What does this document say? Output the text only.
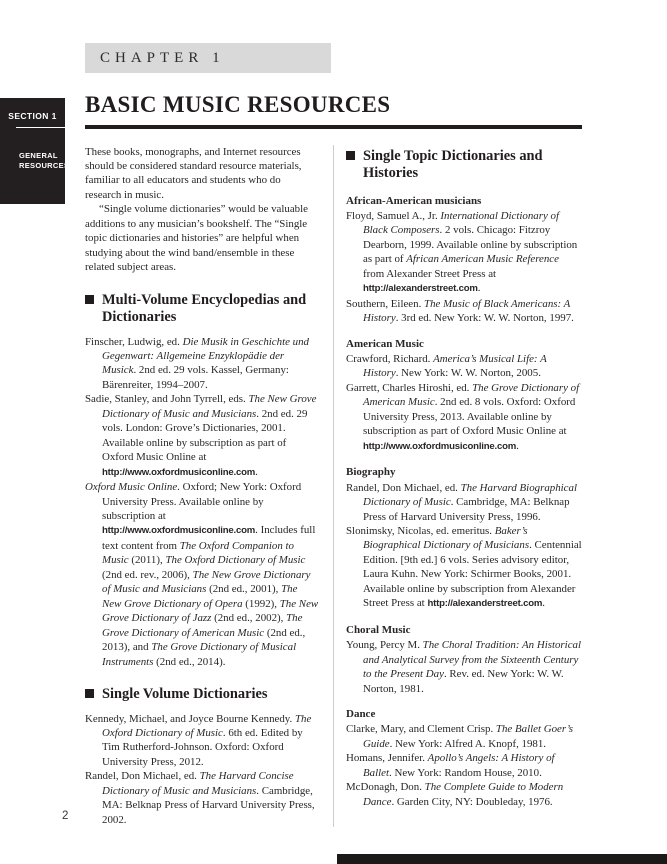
CHAPTER 1
SECTION 1
GENERAL
RESOURCES
BASIC MUSIC RESOURCES

These books, monographs, and Internet resources should be considered standard resource materials, familiar to all educators and students who do research in music.

“Single volume dictionaries” would be valuable additions to any musician’s bookshelf. The “Single topic dictionaries and histories” are helpful when studying about the wind band/ensemble in these related subject areas.

Multi-Volume Encyclopedias and Dictionaries

Finscher, Ludwig, ed. Die Musik in Geschichte und Gegenwart: Allgemeine Enzyklopädie der Musick. 2nd ed. 29 vols. Kassel, Germany: Bärenreiter, 1994–2007.

Sadie, Stanley, and John Tyrrell, eds. The New Grove Dictionary of Music and Musicians. 2nd ed. 29 vols. London: Grove’s Dictionaries, 2001. Available online by subscription as part of Oxford Music Online at http://www.oxfordmusiconline.com.

Oxford Music Online. Oxford; New York: Oxford University Press. Available online by subscription at http://www.oxfordmusiconline.com. Includes full text content from The Oxford Companion to Music (2011), The Oxford Dictionary of Music (2nd ed. rev., 2006), The New Grove Dictionary of Music and Musicians (2nd ed., 2001), The New Grove Dictionary of Opera (1992), The New Grove Dictionary of Jazz (2nd ed., 2002), The Grove Dictionary of American Music (2nd ed., 2013), and The Grove Dictionary of Musical Instruments (2nd ed., 2014).

Single Volume Dictionaries

Kennedy, Michael, and Joyce Bourne Kennedy. The Oxford Dictionary of Music. 6th ed. Edited by Tim Rutherford-Johnson. Oxford: Oxford University Press, 2012.

Randel, Don Michael, ed. The Harvard Concise Dictionary of Music and Musicians. Cambridge, MA: Belknap Press of Harvard University Press, 2002.

Single Topic Dictionaries and Histories
African-American musicians

Floyd, Samuel A., Jr. International Dictionary of Black Composers. 2 vols. Chicago: Fitzroy Dearborn, 1999. Available online by subscription as part of African American Music Reference from Alexander Street Press at http://alexanderstreet.com.

Southern, Eileen. The Music of Black Americans: A History. 3rd ed. New York: W. W. Norton, 1997.

American Music

Crawford, Richard. America’s Musical Life: A History. New York: W. W. Norton, 2005.

Garrett, Charles Hiroshi, ed. The Grove Dictionary of American Music. 2nd ed. 8 vols. Oxford: Oxford University Press, 2013. Available online by subscription as part of Oxford Music Online at http://www.oxfordmusiconline.com.

Biography

Randel, Don Michael, ed. The Harvard Biographical Dictionary of Music. Cambridge, MA: Belknap Press of Harvard University Press, 1996.

Slonimsky, Nicolas, ed. emeritus. Baker’s Biographical Dictionary of Musicians. Centennial Edition. [9th ed.] 6 vols. Series advisory editor, Laura Kuhn. New York: Schirmer Books, 2001. Available online by subscription from Alexander Street Press at http://alexanderstreet.com.

Choral Music

Young, Percy M. The Choral Tradition: An Historical and Analytical Survey from the Sixteenth Century to the Present Day. Rev. ed. New York: W. W. Norton, 1981.

Dance

Clarke, Mary, and Clement Crisp. The Ballet Goer’s Guide. New York: Alfred A. Knopf, 1981.

Homans, Jennifer. Apollo’s Angels: A History of Ballet. New York: Random House, 2010.

McDonagh, Don. The Complete Guide to Modern Dance. Garden City, NY: Doubleday, 1976.

2
